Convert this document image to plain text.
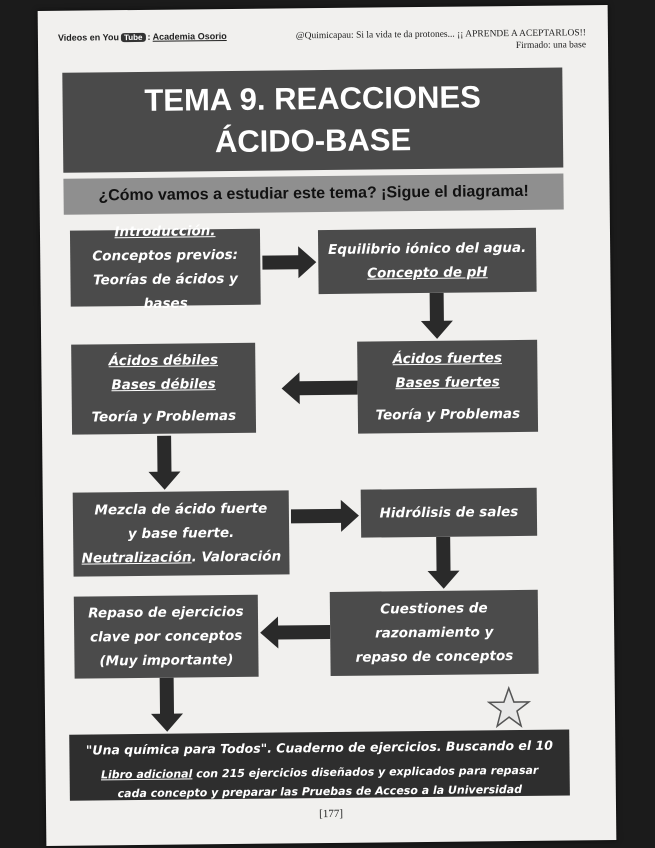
Videos en You Tube : Academia Osorio	@Quimicapau: Si la vida te da protones... ¡¡ APRENDE A ACEPTARLOS!!
Firmado: una base
TEMA 9. REACCIONES
ÁCIDO-BASE
¿Cómo vamos a estudiar este tema? ¡Sigue el diagrama!
Introducción.
Conceptos previos:
Teorías de ácidos y bases
Equilibrio iónico del agua.
Concepto de pH
Ácidos débiles
Bases débiles
Teoría y Problemas
Ácidos fuertes
Bases fuertes
Teoría y Problemas
Mezcla de ácido fuerte
y base fuerte.
Neutralización. Valoración
Hidrólisis de sales
Repaso de ejercicios
clave por conceptos
(Muy importante)
Cuestiones de
razonamiento y
repaso de conceptos
"Una química para Todos". Cuaderno de ejercicios. Buscando el 10
Libro adicional con 215 ejercicios diseñados y explicados para repasar
cada concepto y preparar las Pruebas de Acceso a la Universidad
[177]
